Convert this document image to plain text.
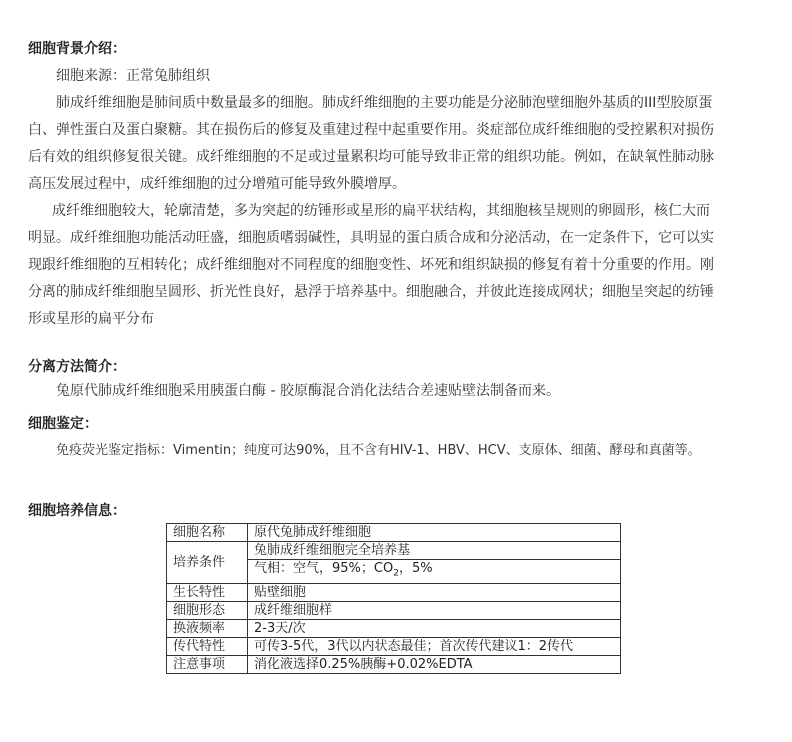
细胞背景介绍：
细胞来源：正常兔肺组织
肺成纤维细胞是肺间质中数量最多的细胞。肺成纤维细胞的主要功能是分泌肺泡壁细胞外基质的III型胶原蛋
白、弹性蛋白及蛋白聚糖。其在损伤后的修复及重建过程中起重要作用。炎症部位成纤维细胞的受控累积对损伤
后有效的组织修复很关键。成纤维细胞的不足或过量累积均可能导致非正常的组织功能。例如，在缺氧性肺动脉
高压发展过程中，成纤维细胞的过分增殖可能导致外膜增厚。
成纤维细胞较大，轮廓清楚，多为突起的纺锤形或星形的扁平状结构，其细胞核呈规则的卵圆形，核仁大而
明显。成纤维细胞功能活动旺盛，细胞质嗜弱碱性，具明显的蛋白质合成和分泌活动，在一定条件下，它可以实
现跟纤维细胞的互相转化；成纤维细胞对不同程度的细胞变性、坏死和组织缺损的修复有着十分重要的作用。刚
分离的肺成纤维细胞呈圆形、折光性良好，悬浮于培养基中。细胞融合，并彼此连接成网状；细胞呈突起的纺锤
形或星形的扁平分布
分离方法简介：
兔原代肺成纤维细胞采用胰蛋白酶 - 胶原酶混合消化法结合差速贴壁法制备而来。
细胞鉴定：
免疫荧光鉴定指标：Vimentin；纯度可达90%，且不含有HIV-1、HBV、HCV、支原体、细菌、酵母和真菌等。
细胞培养信息：
细胞名称	原代兔肺成纤维细胞
培养条件	兔肺成纤维细胞完全培养基
	气相：空气，95%；$CO_2$，5%
生长特性	贴壁细胞
细胞形态	成纤维细胞样
换液频率	2-3天/次
传代特性	可传3-5代，3代以内状态最佳；首次传代建议1：2传代
注意事项	消化液选择0.25%胰酶+0.02%EDTA
